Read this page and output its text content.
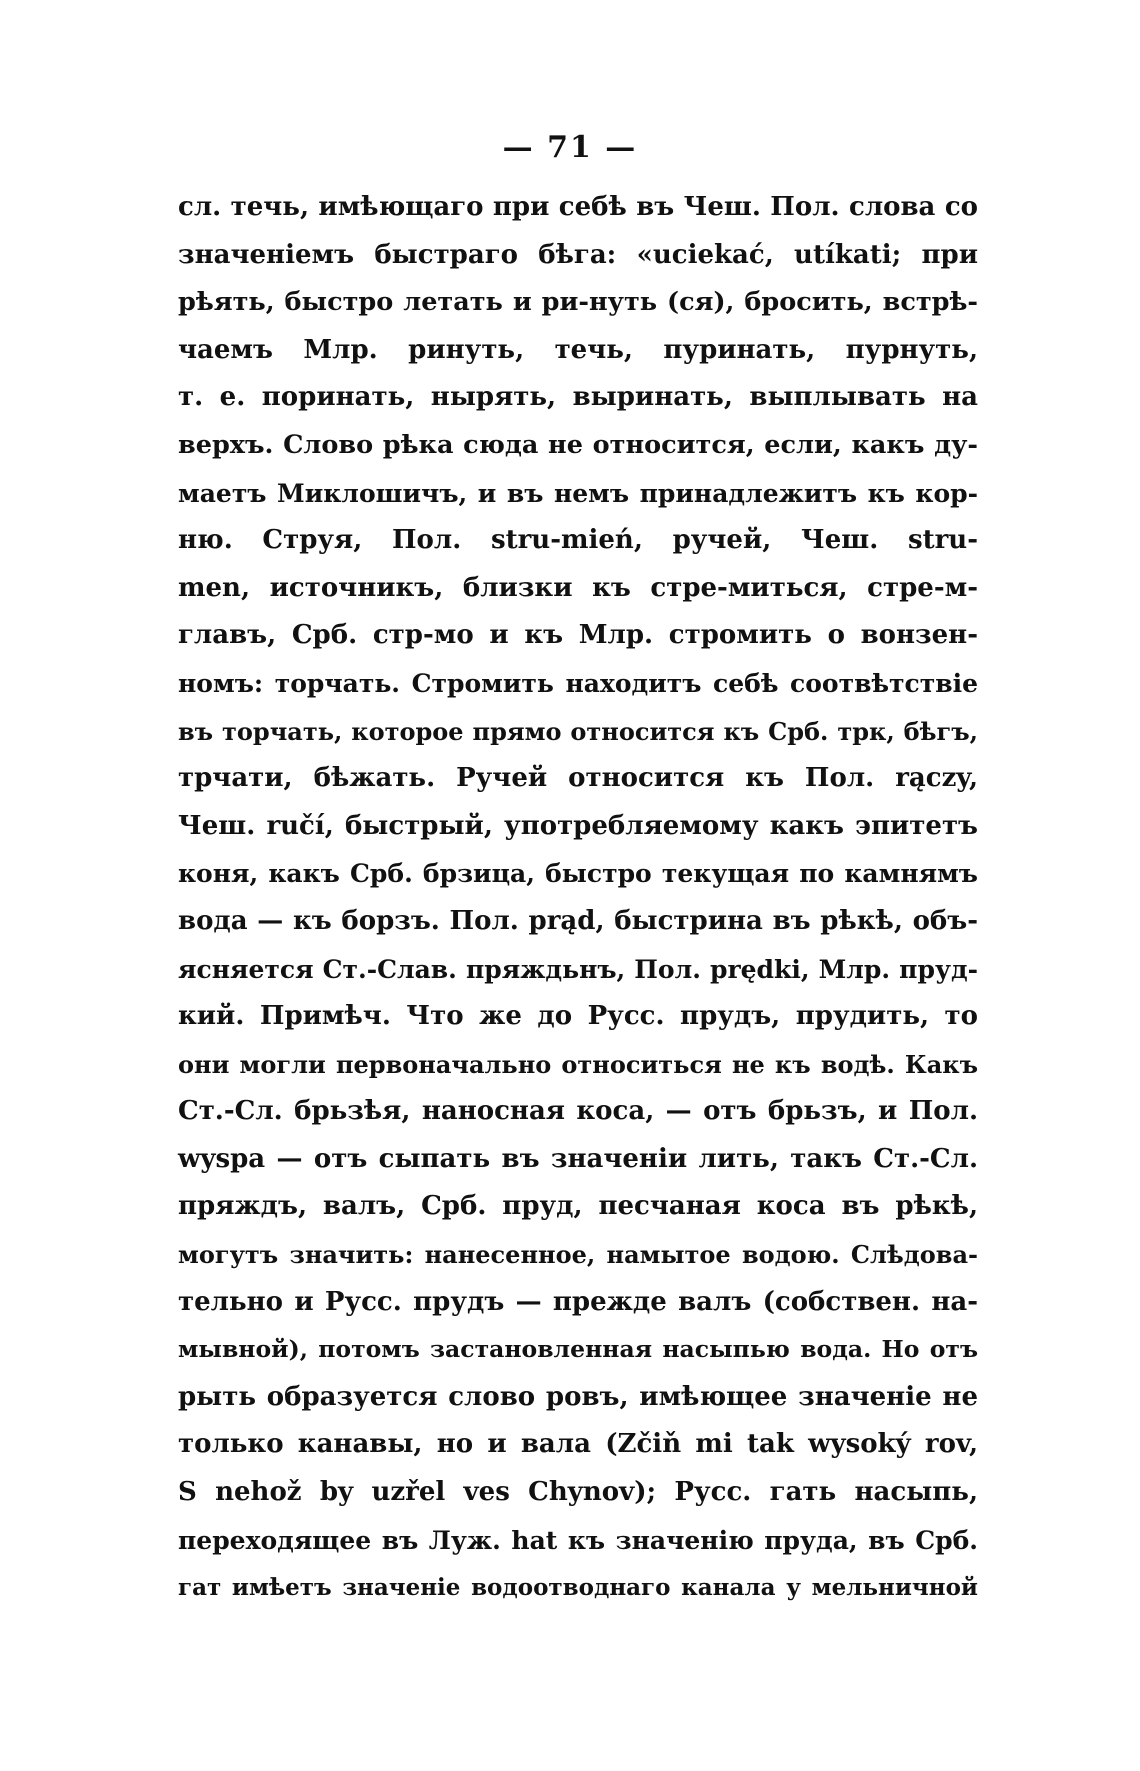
— 71 —
сл. течь, имѣющаго при себѣ въ Чеш. Пол. слова со
значеніемъ быстраго бѣга: «uciekać, utíkati; при
рѣять, быстро летать и ри-нуть (ся), бросить, встрѣ-
чаемъ Млр. ринуть, течь, пуринать, пурнуть,
т. е. поринать, нырять, выринать, выплывать на
верхъ. Слово рѣка сюда не относится, если, какъ ду-
маетъ Миклошичъ, и въ немъ принадлежитъ къ кор-
ню. Струя, Пол. stru-mień, ручей, Чеш. stru-
men, источникъ, близки къ стре-миться, стре-м-
главъ, Срб. стр-мо и къ Млр. стромить о вонзен-
номъ: торчать. Стромить находитъ себѣ соотвѣтствіе
въ торчать, которое прямо относится къ Срб. трк, бѣгъ,
трчати, бѣжать. Ручей относится къ Пол. rączy,
Чеш. ručí, быстрый, употребляемому какъ эпитетъ
коня, какъ Срб. брзица, быстро текущая по камнямъ
вода — къ борзъ. Пол. prąd, быстрина въ рѣкѣ, объ-
ясняется Ст.-Слав. пряждьнъ, Пол. prędki, Млр. пруд-
кий. Примѣч. Что же до Русс. прудъ, прудить, то
они могли первоначально относиться не къ водѣ. Какъ
Ст.-Сл. брьзѣя, наносная коса, — отъ брьзъ, и Пол.
wyspa — отъ сыпать въ значеніи лить, такъ Ст.-Сл.
пряждъ, валъ, Срб. пруд, песчаная коса въ рѣкѣ,
могутъ значить: нанесенное, намытое водою. Слѣдова-
тельно и Русс. прудъ — прежде валъ (собствен. на-
мывной), потомъ застановленная насыпью вода. Но отъ
рыть образуется слово ровъ, имѣющее значеніе не
только канавы, но и вала (Zčiň mi tak wysoký rov,
S nehož by uzřel ves Chynov); Русс. гать насыпь,
переходящее въ Луж. hat къ значенію пруда, въ Срб.
гат имѣетъ значеніе водоотводнаго канала у мельничной
